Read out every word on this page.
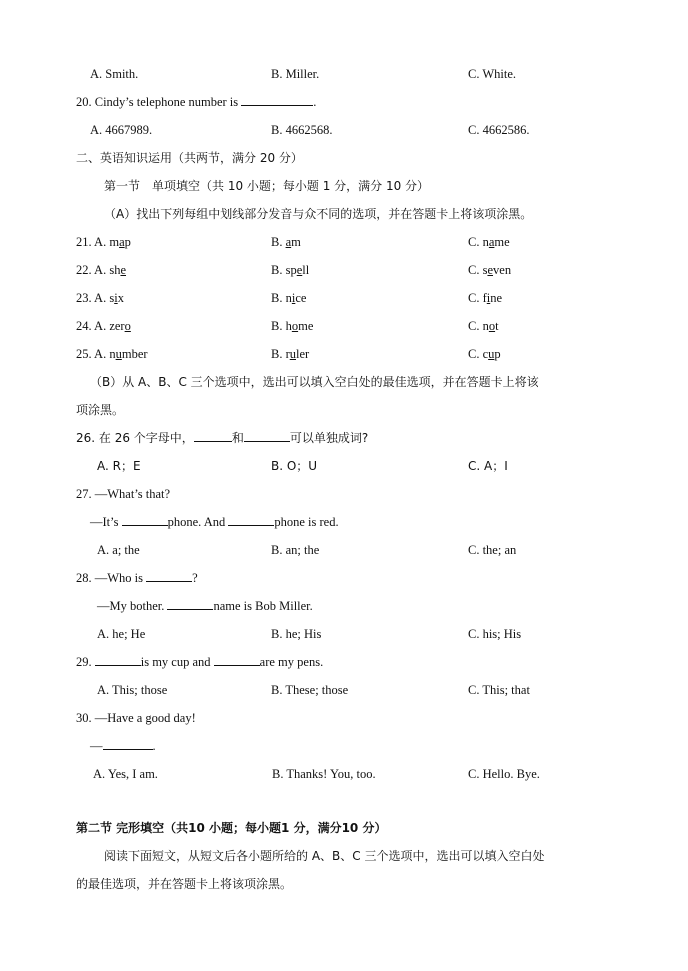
A. Smith.	B. Miller.	C. White.
20. Cindy’s telephone number is	.
A. 4667989.	B. 4662568.	C. 4662586.
二、英语知识运用（共两节，满分 20 分）
第一节　单项填空（共 10 小题；每小题 1 分，满分 10 分）
（A）找出下列每组中划线部分发音与众不同的选项，并在答题卡上将该项涂黑。
21. A. map	B. am	C. name
22. A. she	B. spell	C. seven
23. A. six	B. nice	C. fine
24. A. zero	B. home	C. not
25. A. number	B. ruler	C. cup
（B）从 A、B、C 三个选项中，选出可以填入空白处的最佳选项，并在答题卡上将该
项涂黑。
26. 在 26 个字母中，	和	可以单独成词?
A. R；E	B. O；U	C. A；I
27. —What’s that?
—It’s	phone. And	phone is red.
A. a; the	B. an; the	C. the; an
28. —Who is	?
—My bother.	name is Bob Miller.
A. he; He	B. he; His	C. his; His
29.	is my cup and	are my pens.
A. This; those	B. These; those	C. This; that
30. —Have a good day!
—	.
A. Yes, I am.	B. Thanks! You, too.	C. Hello. Bye.
第二节 完形填空（共10 小题；每小题1 分，满分10 分）
阅读下面短文，从短文后各小题所给的 A、B、C 三个选项中，选出可以填入空白处
的最佳选项，并在答题卡上将该项涂黑。
